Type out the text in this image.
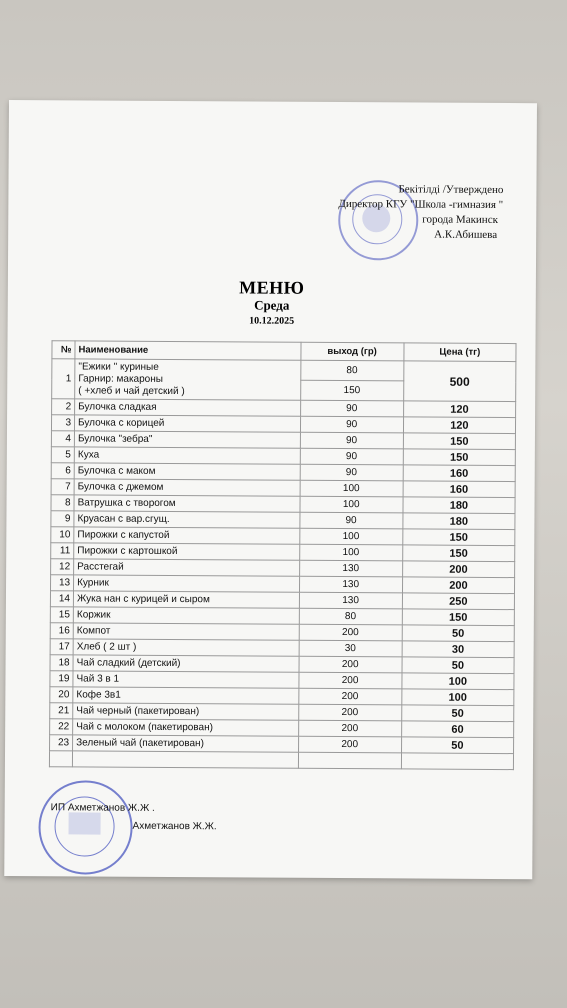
Бекітілді /Утверждено
Директор КГУ "Школа -гимназия "
города Макинск
А.К.Абишева
МЕНЮ
Среда
10.12.2025
№	Наименование	выход (гр)	Цена (тг)
1	"Ежики " куриные
Гарнир: макароны
( +хлеб и чай детский )	80	500
		150	
2	Булочка сладкая	90	120
3	Булочка с корицей	90	120
4	Булочка "зебра"	90	150
5	Куха	90	150
6	Булочка с маком	90	160
7	Булочка с джемом	100	160
8	Ватрушка с творогом	100	180
9	Круасан с вар.сгущ.	90	180
10	Пирожки с капустой	100	150
11	Пирожки с картошкой	100	150
12	Расстегай	130	200
13	Курник	130	200
14	Жука нан с курицей и сыром	130	250
15	Коржик	80	150
16	Компот	200	50
17	Хлеб ( 2 шт )	30	30
18	Чай сладкий (детский)	200	50
19	Чай 3 в 1	200	100
20	Кофе 3в1	200	100
21	Чай черный (пакетирован)	200	50
22	Чай с молоком (пакетирован)	200	60
23	Зеленый чай (пакетирован)	200	50

ИП Ахметжанов Ж.Ж .
Ахметжанов Ж.Ж.
